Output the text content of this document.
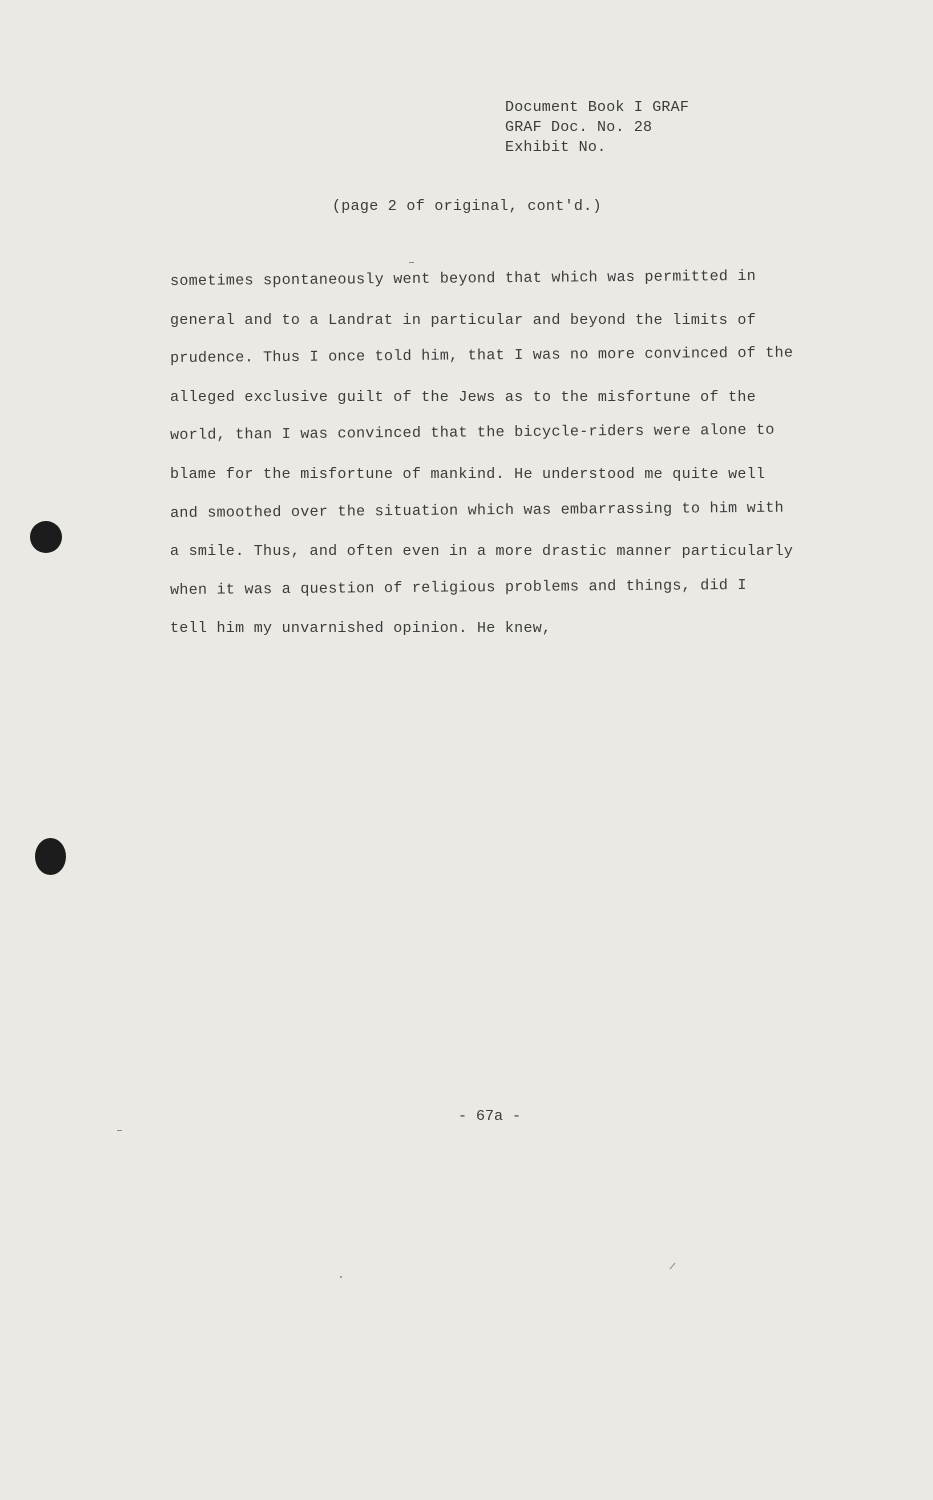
Document Book I GRAF
GRAF Doc. No. 28
Exhibit No.
(page 2 of original, cont'd.)
sometimes spontaneously went beyond that which was permitted in
general and to a Landrat in particular and beyond the limits of
prudence. Thus I once told him, that I was no more convinced of the
alleged exclusive guilt of the Jews as to the misfortune of the
world, than I was convinced that the bicycle-riders were alone to
blame for the misfortune of mankind. He understood me quite well
and smoothed over the situation which was embarrassing to him with
a smile. Thus, and often even in a more drastic manner particularly
when it was a question of religious problems and things, did I
tell him my unvarnished opinion. He knew,
- 67a -
